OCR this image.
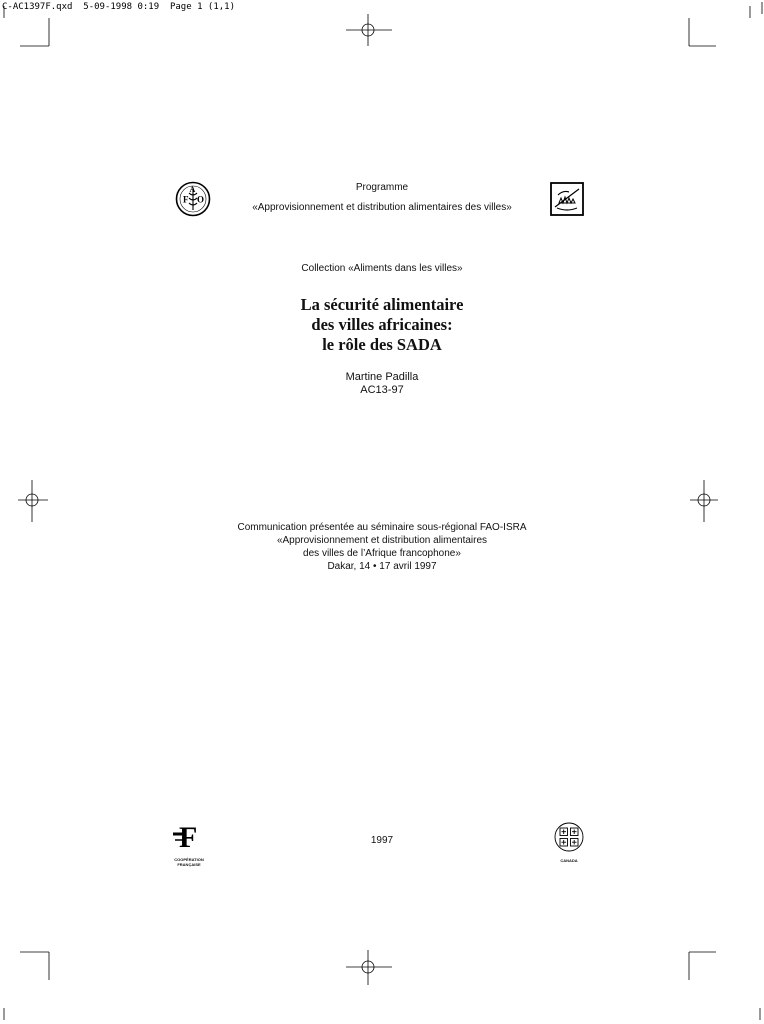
C-AC1397F.qxd  5-09-1998 0:19  Page 1 (1,1)
F
A
O
Programme
«Approvisionnement et distribution alimentaires des villes»
Collection «Aliments dans les villes»
La sécurité alimentaire
des villes africaines:
le rôle des SADA
Martine Padilla
AC13-97
Communication présentée au séminaire sous-régional FAO-ISRA
«Approvisionnement et distribution alimentaires
des villes de l’Afrique francophone»
Dakar, 14 • 17 avril 1997
F
COOPÉRATION
FRANÇAISE
1997
CANADA
